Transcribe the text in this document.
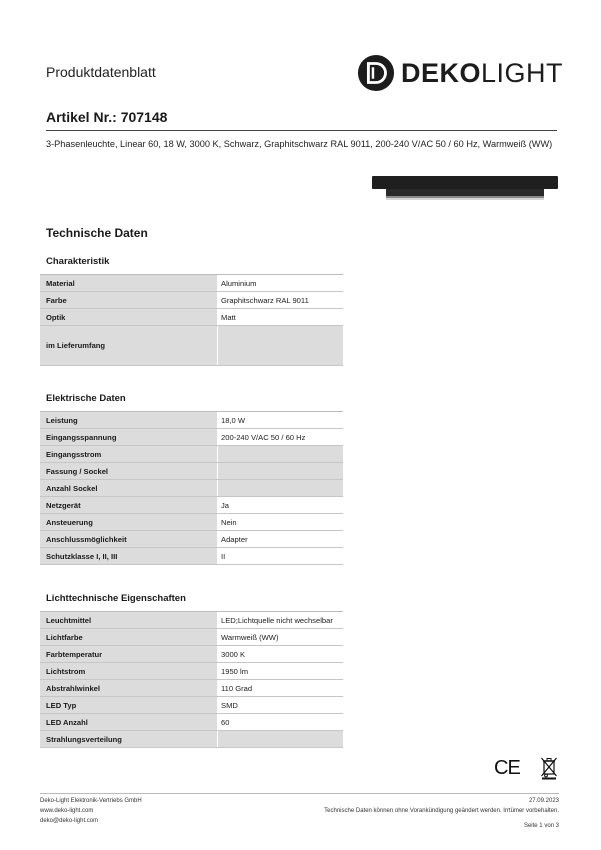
Produktdatenblatt	DEKOLIGHT
Artikel Nr.: 707148
3-Phasenleuchte, Linear 60, 18 W, 3000 K, Schwarz, Graphitschwarz RAL 9011, 200-240 V/AC 50 / 60 Hz, Warmweiß (WW)
Technische Daten
Charakteristik
Material	Aluminium
Farbe	Graphitschwarz RAL 9011
Optik	Matt
im Lieferumfang
Elektrische Daten
Leistung	18,0 W
Eingangsspannung	200-240 V/AC 50 / 60 Hz
Eingangsstrom
Fassung / Sockel
Anzahl Sockel
Netzgerät	Ja
Ansteuerung	Nein
Anschlussmöglichkeit	Adapter
Schutzklasse I, II, III	II
Lichttechnische Eigenschaften
Leuchtmittel	LED;Lichtquelle nicht wechselbar
Lichtfarbe	Warmweiß (WW)
Farbtemperatur	3000 K
Lichtstrom	1950 lm
Abstrahlwinkel	110 Grad
LED Typ	SMD
LED Anzahl	60
Strahlungsverteilung
CE
Deko-Light Elektronik-Vertriebs GmbH
www.deko-light.com
deko@deko-light.com
27.09.2023
Technische Daten können ohne Vorankündigung geändert werden. Irrtümer vorbehalten.
Seite 1 von 3
